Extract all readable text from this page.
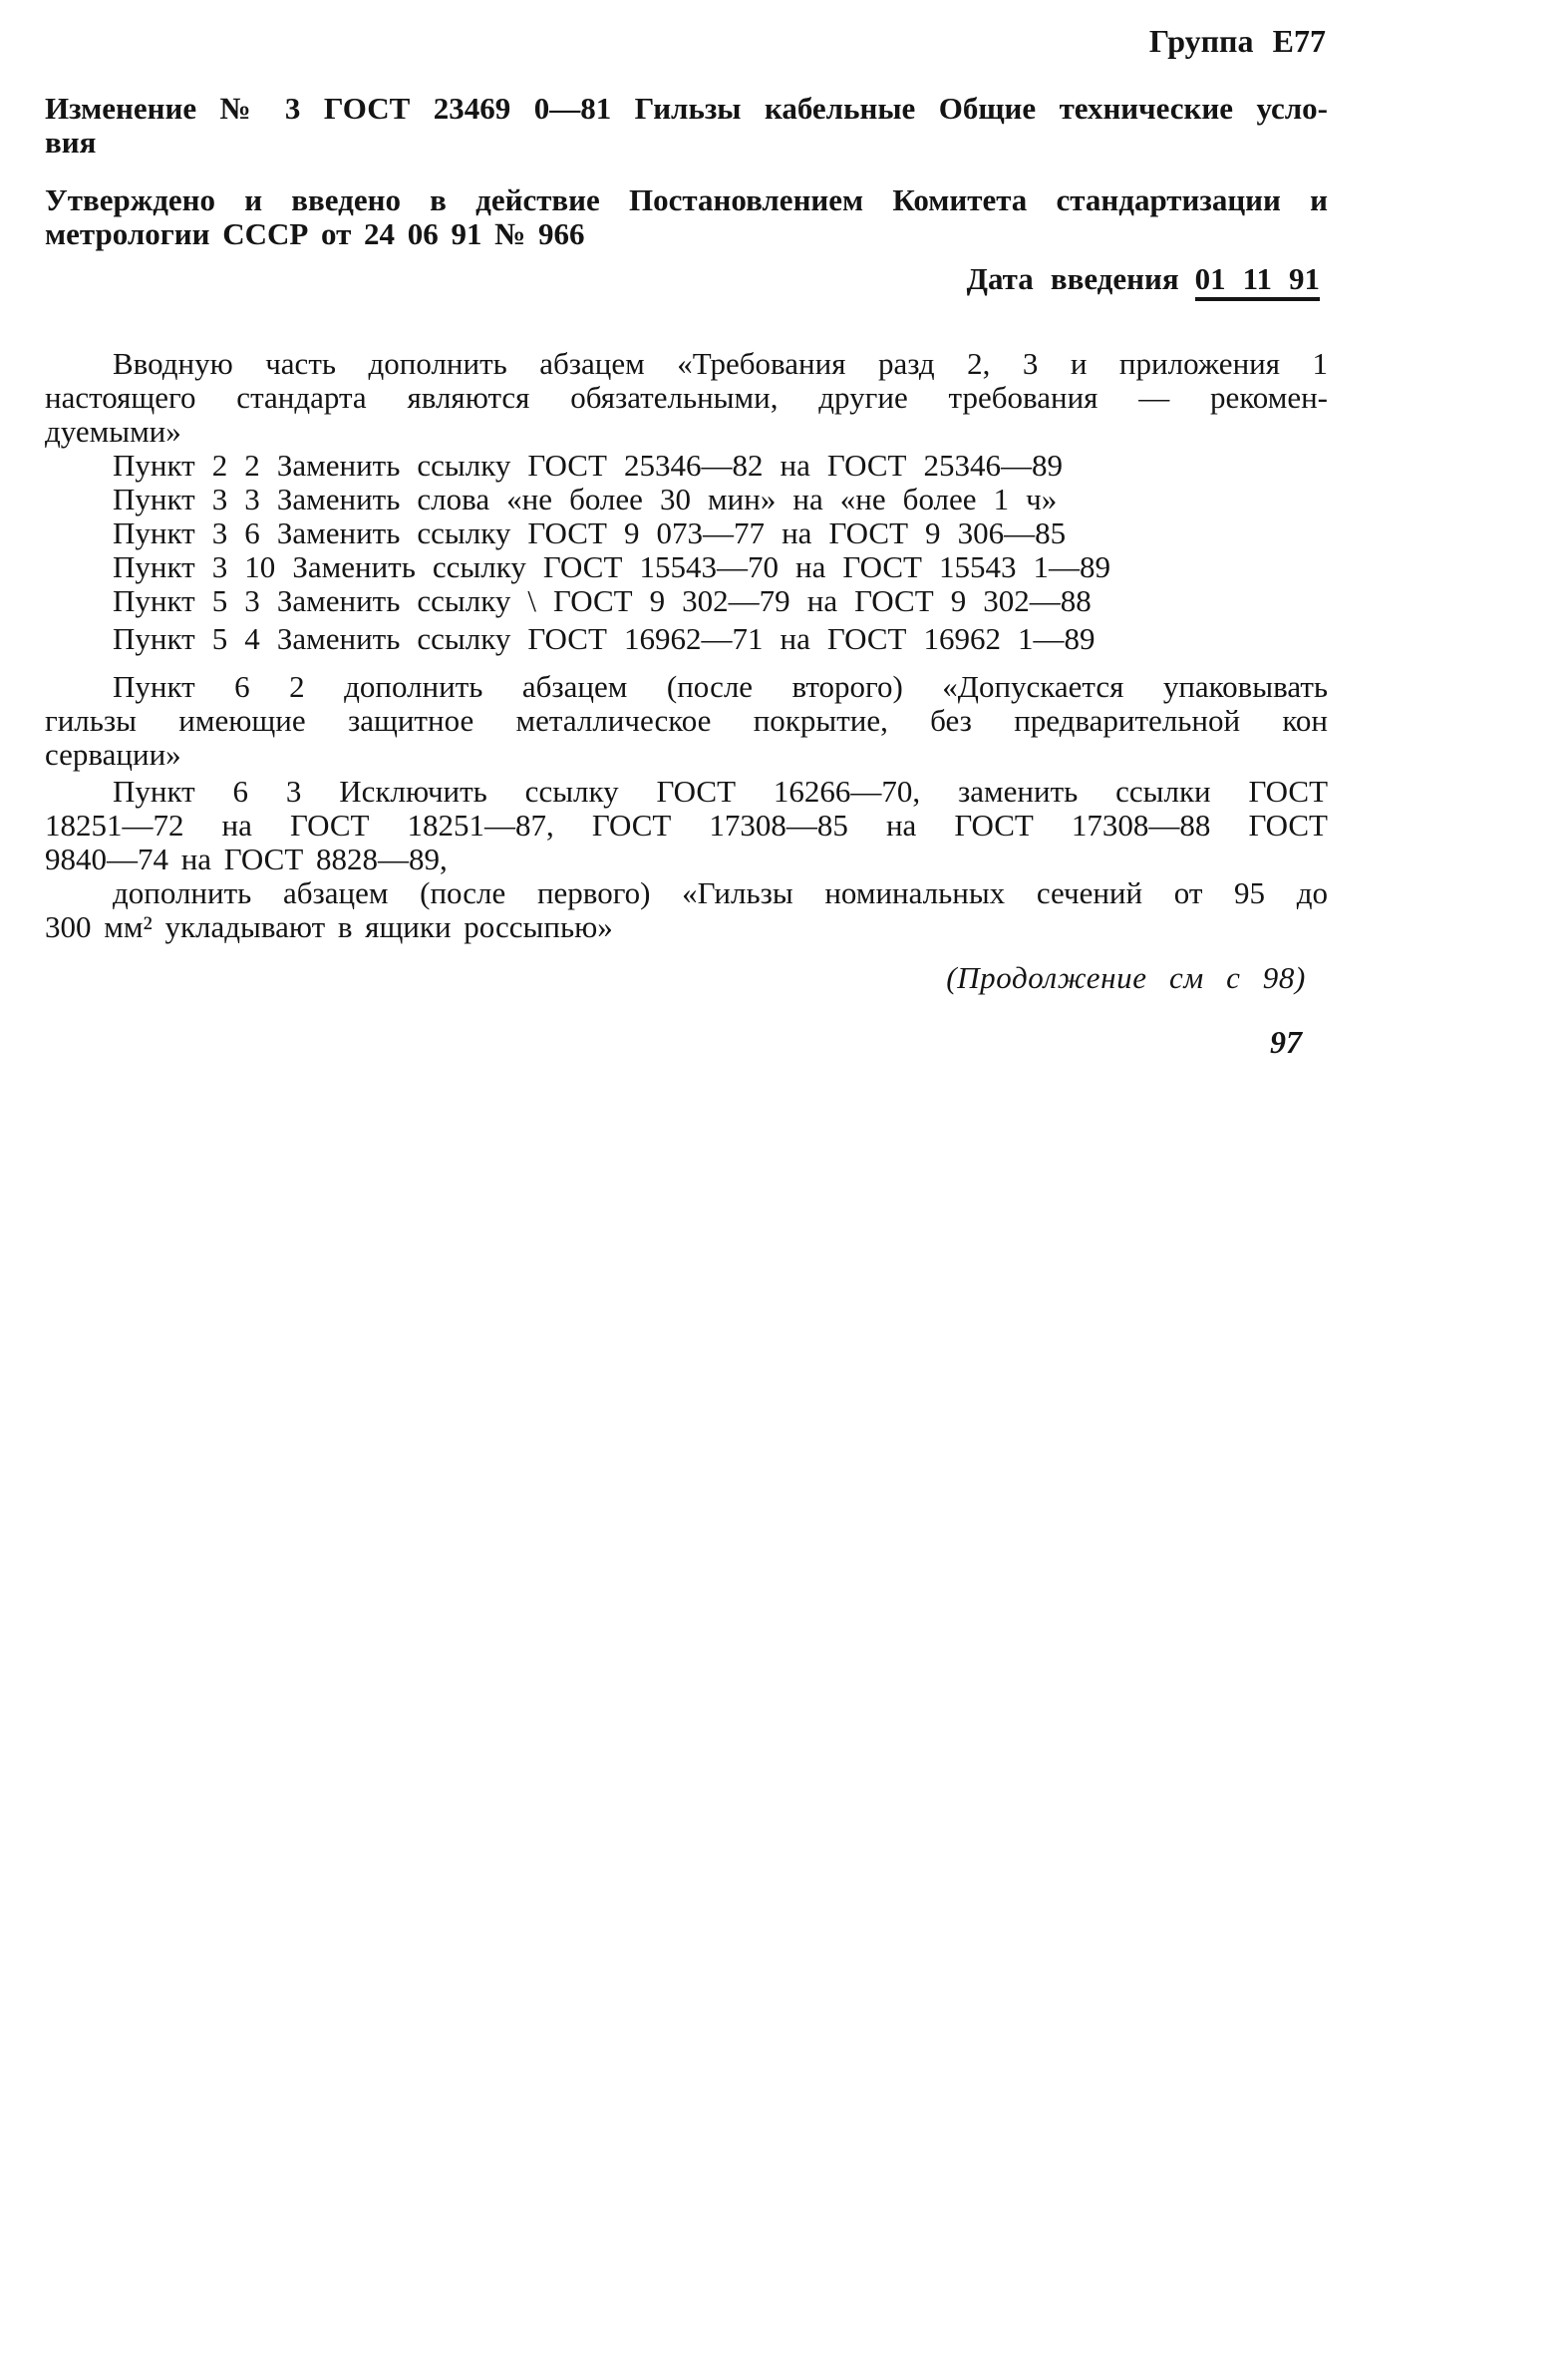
Группа Е77
Изменение № 3 ГОСТ 23469 0—81 Гильзы кабельные Общие технические усло-
вия
Утверждено и введено в действие Постановлением Комитета стандартизации и
метрологии СССР от 24 06 91 № 966
Дата введения 01 11 91
Вводную часть дополнить абзацем «Требования разд 2, 3 и приложения 1
настоящего стандарта являются обязательными, другие требования — рекомен-
дуемыми»
Пункт 2 2 Заменить ссылку ГОСТ 25346—82 на ГОСТ 25346—89
Пункт 3 3 Заменить слова «не более 30 мин» на «не более 1 ч»
Пункт 3 6 Заменить ссылку ГОСТ 9 073—77 на ГОСТ 9 306—85
Пункт 3 10 Заменить ссылку ГОСТ 15543—70 на ГОСТ 15543 1—89
Пункт 5 3 Заменить ссылку \ ГОСТ 9 302—79 на ГОСТ 9 302—88
Пункт 5 4 Заменить ссылку ГОСТ 16962—71 на ГОСТ 16962 1—89
Пункт 6 2 дополнить абзацем (после второго) «Допускается упаковывать
гильзы имеющие защитное металлическое покрытие, без предварительной кон
сервации»
Пункт 6 3 Исключить ссылку ГОСТ 16266—70, заменить ссылки ГОСТ
18251—72 на ГОСТ 18251—87, ГОСТ 17308—85 на ГОСТ 17308—88 ГОСТ
9840—74 на ГОСТ 8828—89,
дополнить абзацем (после первого) «Гильзы номинальных сечений от 95 до
300 мм² укладывают в ящики россыпью»
(Продолжение см с 98)
97
